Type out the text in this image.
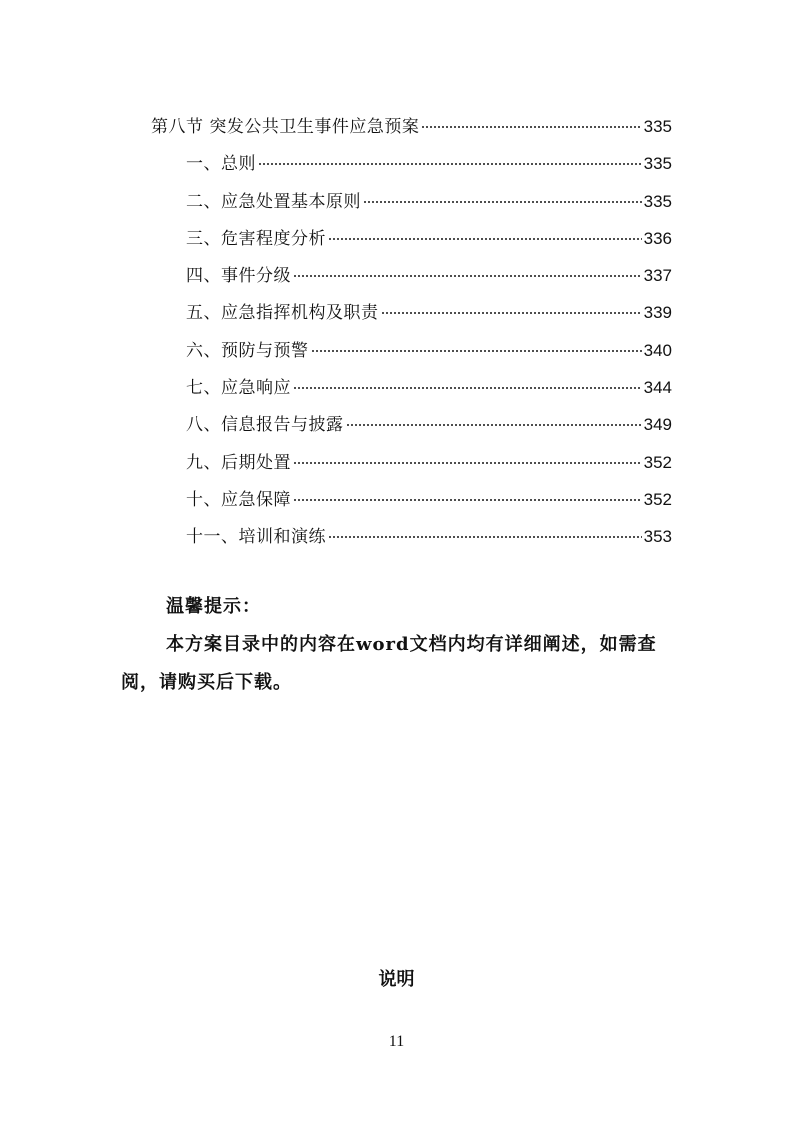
第八节 突发公共卫生事件应急预案	335
一、总则	335
二、应急处置基本原则	335
三、危害程度分析	336
四、事件分级	337
五、应急指挥机构及职责	339
六、预防与预警	340
七、应急响应	344
八、信息报告与披露	349
九、后期处置	352
十、应急保障	352
十一、培训和演练	353
温馨提示：
本方案目录中的内容在word文档内均有详细阐述，如需查阅，请购买后下载。
说明
11
